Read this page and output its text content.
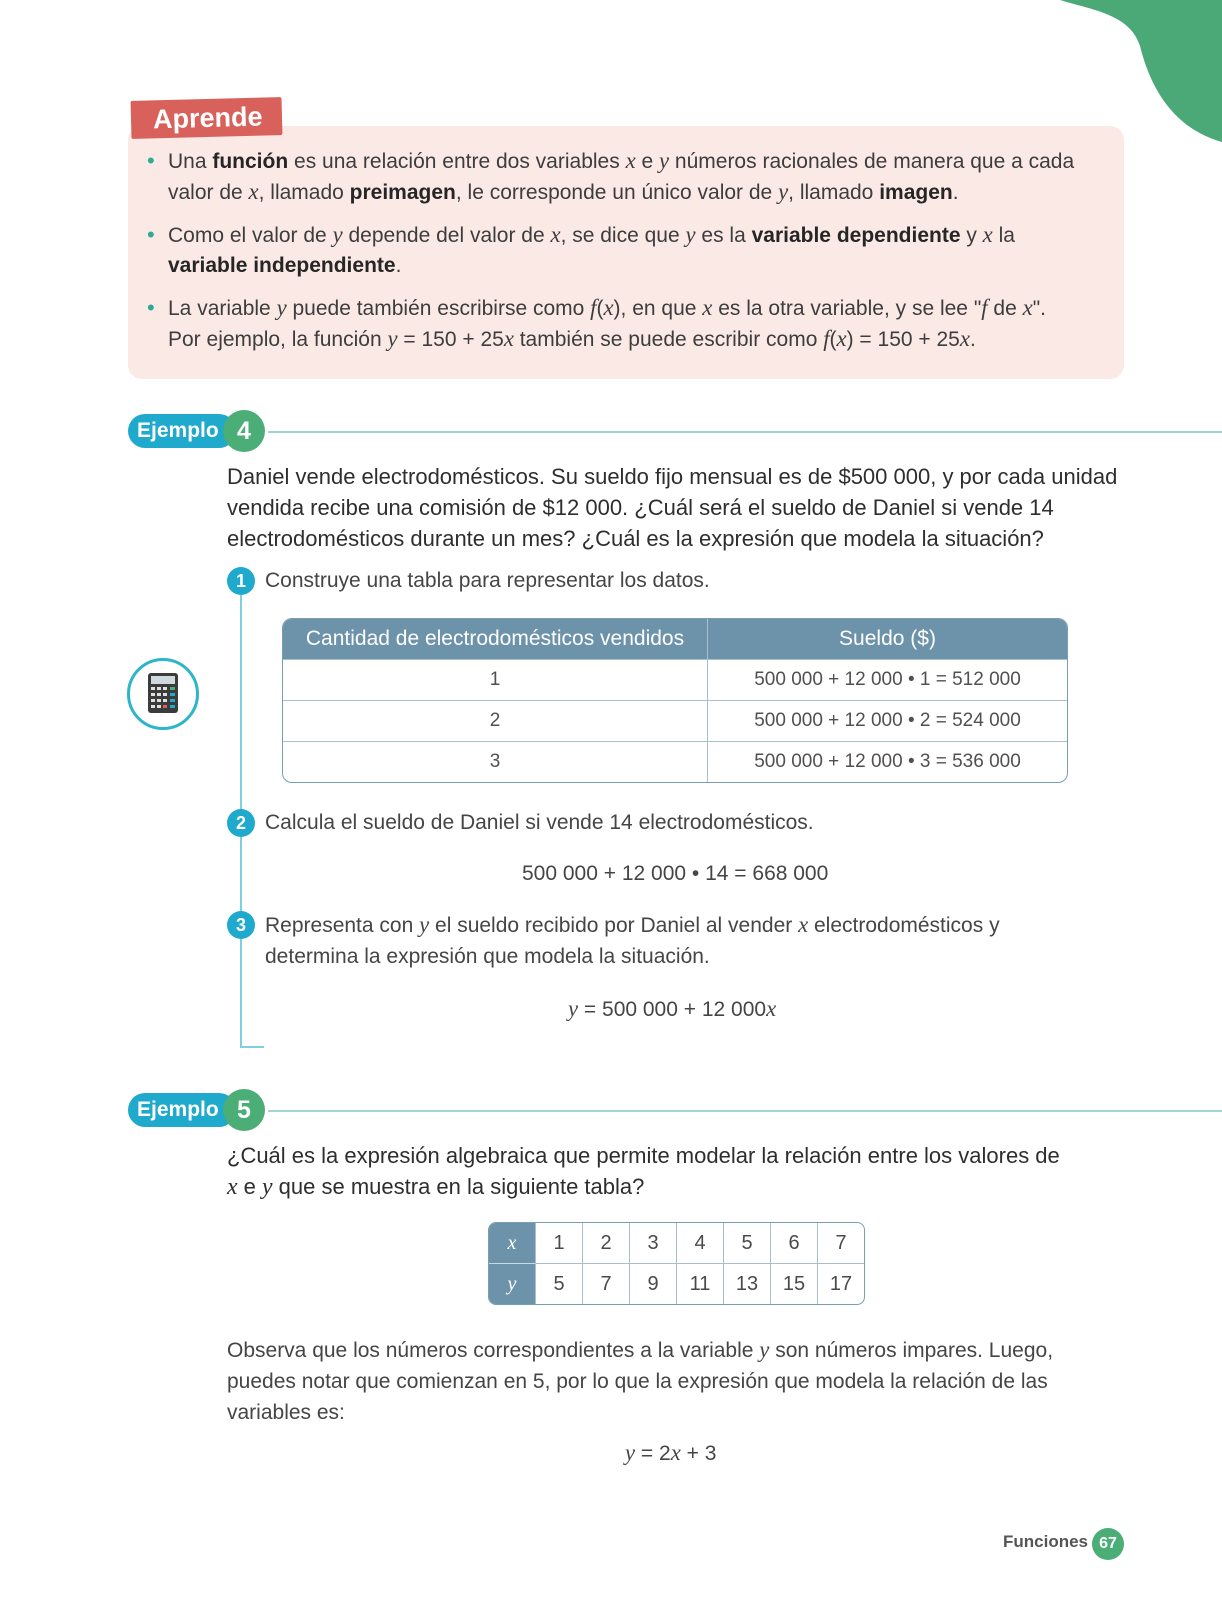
• Una función es una relación entre dos variables x e y números racionales de manera que a cada valor de x, llamado preimagen, le corresponde un único valor de y, llamado imagen.
• Como el valor de y depende del valor de x, se dice que y es la variable dependiente y x la variable independiente.
• La variable y puede también escribirse como f(x), en que x es la otra variable, y se lee "f de x". Por ejemplo, la función y = 150 + 25x también se puede escribir como f(x) = 150 + 25x.
Aprende
Ejemplo 4
Daniel vende electrodomésticos. Su sueldo fijo mensual es de $500 000, y por cada unidad vendida recibe una comisión de $12 000. ¿Cuál será el sueldo de Daniel si vende 14 electrodomésticos durante un mes? ¿Cuál es la expresión que modela la situación?
1 Construye una tabla para representar los datos.
Cantidad de electrodomésticos vendidos	Sueldo ($)
1	500 000 + 12 000 • 1 = 512 000
2	500 000 + 12 000 • 2 = 524 000
3	500 000 + 12 000 • 3 = 536 000
2 Calcula el sueldo de Daniel si vende 14 electrodomésticos.
500 000 + 12 000 • 14 = 668 000
3 Representa con y el sueldo recibido por Daniel al vender x electrodomésticos y determina la expresión que modela la situación.
y = 500 000 + 12 000x
Ejemplo 5
¿Cuál es la expresión algebraica que permite modelar la relación entre los valores de x e y que se muestra en la siguiente tabla?
x	1	2	3	4	5	6	7
y	5	7	9	11	13	15	17
Observa que los números correspondientes a la variable y son números impares. Luego, puedes notar que comienzan en 5, por lo que la expresión que modela la relación de las variables es:
y = 2x + 3
Funciones 67
